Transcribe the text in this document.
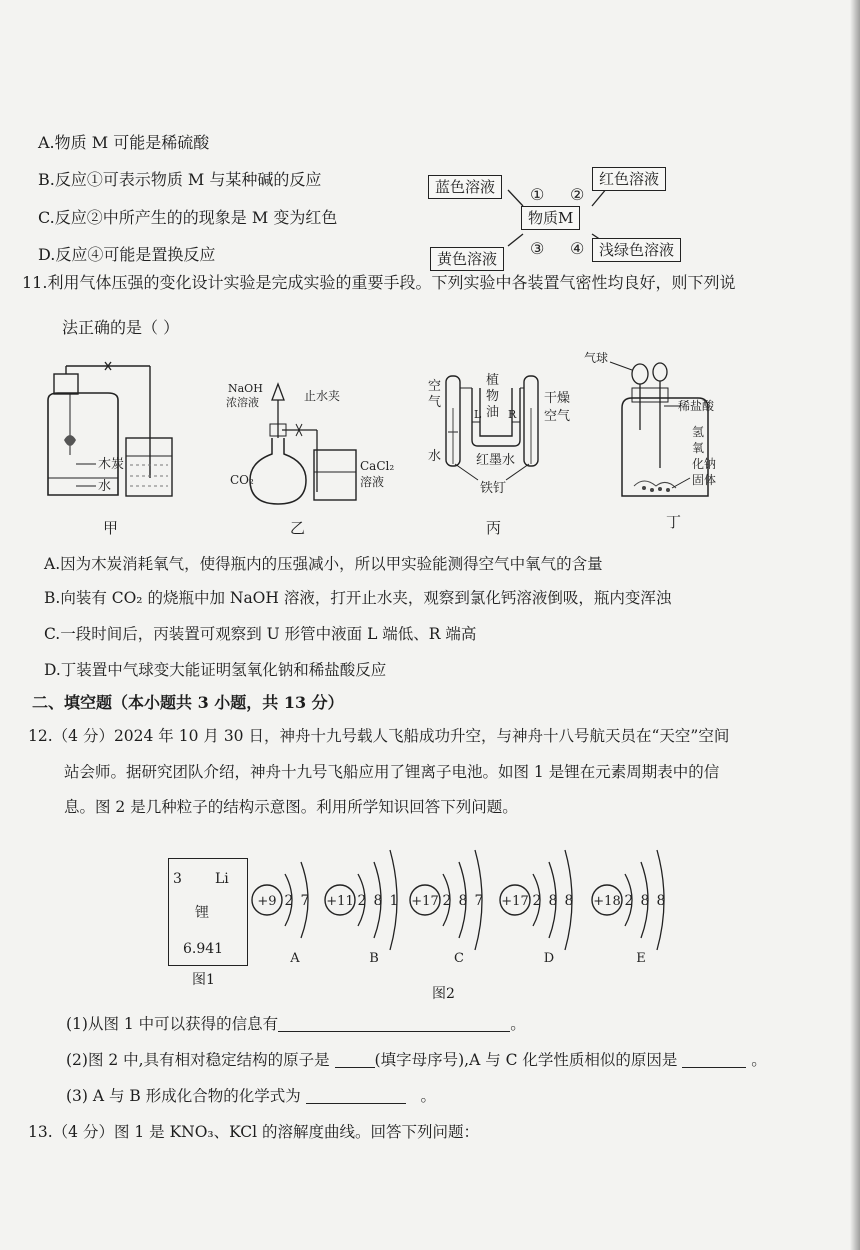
A.物质 M 可能是稀硫酸
B.反应①可表示物质 M 与某种碱的反应
C.反应②中所产生的的现象是 M 变为红色
D.反应④可能是置换反应
① ②
③ ④
蓝色溶液	红色溶液
物质M
黄色溶液	浅绿色溶液
11.利用气体压强的变化设计实验是完成实验的重要手段。下列实验中各装置气密性均良好，则下列说
法正确的是（ ）
木炭
水
甲
NaOH
浓溶液	止水夹
CO₂
CaCl₂
溶液
乙
空
气
水
植
物
油
L R
干燥
空气
红墨水
铁钉
丙
气球
稀盐酸
氢
氧
化钠
固体
丁
A.因为木炭消耗氧气，使得瓶内的压强减小，所以甲实验能测得空气中氧气的含量
B.向装有 CO₂ 的烧瓶中加 NaOH 溶液，打开止水夹，观察到氯化钙溶液倒吸，瓶内变浑浊
C.一段时间后，丙装置可观察到 U 形管中液面 L 端低、R 端高
D.丁装置中气球变大能证明氢氧化钠和稀盐酸反应
二、填空题（本小题共 3 小题，共 13 分）
12.（4 分）2024 年 10 月 30 日，神舟十九号载人飞船成功升空，与神舟十八号航天员在“天空”空间
站会师。据研究团队介绍，神舟十九号飞船应用了锂离子电池。如图 1 是锂在元素周期表中的信
息。图 2 是几种粒子的结构示意图。利用所学知识回答下列问题。
3 Li
锂
6.941
图1
+9 2 7
A
+11 2 8 1
B
+17 2 8 7
C
+17 2 8 8
D
+18 2 8 8
E
图2
(1)从图 1 中可以获得的信息有	。
(2)图 2 中,具有相对稳定结构的原子是	(填字母序号),A 与 C 化学性质相似的原因是	。
(3) A 与 B 形成化合物的化学式为	。
13.（4 分）图 1 是 KNO₃、KCl 的溶解度曲线。回答下列问题：
